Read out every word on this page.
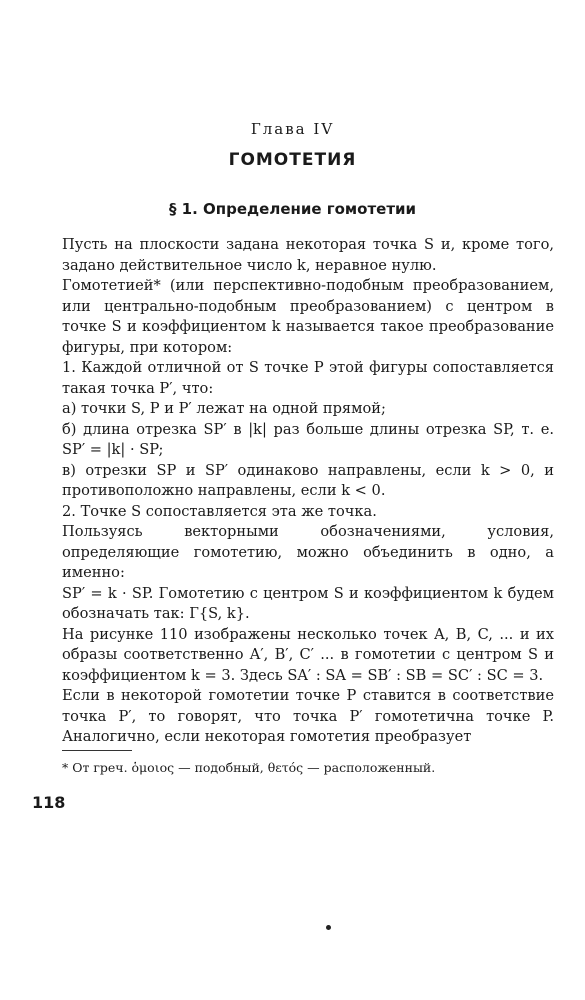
Глава IV
ГОМОТЕТИЯ
§ 1. Определение гомотетии

Пусть на плоскости задана некоторая точка S и, кроме того, задано действительное число k, неравное нулю.

Гомотетией* (или перспективно-подобным преобразованием, или центрально-подобным преобразованием) с центром в точке S и коэффициентом k называется такое преобразование фигуры, при котором:

1. Каждой отличной от S точке P этой фигуры сопоставляется такая точка P′, что:

а) точки S, P и P′ лежат на одной прямой;

б) длина отрезка SP′ в |k| раз больше длины отрезка SP, т. е. SP′ = |k| · SP;

в) отрезки SP и SP′ одинаково направлены, если k > 0, и противоположно направлены, если k < 0.

2. Точке S сопоставляется эта же точка.

Пользуясь векторными обозначениями, условия, определяющие гомотетию, можно объединить в одно, а именно:

SP′ = k · SP. Гомотетию с центром S и коэффициентом k будем обозначать так: Г{S, k}.

На рисунке 110 изображены несколько точек A, B, C, ... и их образы соответственно A′, B′, C′ ... в гомотетии с центром S и коэффициентом k = 3. Здесь SA′ : SA = SB′ : SB = SC′ : SC = 3.

Если в некоторой гомотетии точке P ставится в соответствие точка P′, то говорят, что точка P′ гомотетична точке P. Аналогично, если некоторая гомотетия преобразует

* От греч. ὁμοιος — подобный, θετός — расположенный.
118
